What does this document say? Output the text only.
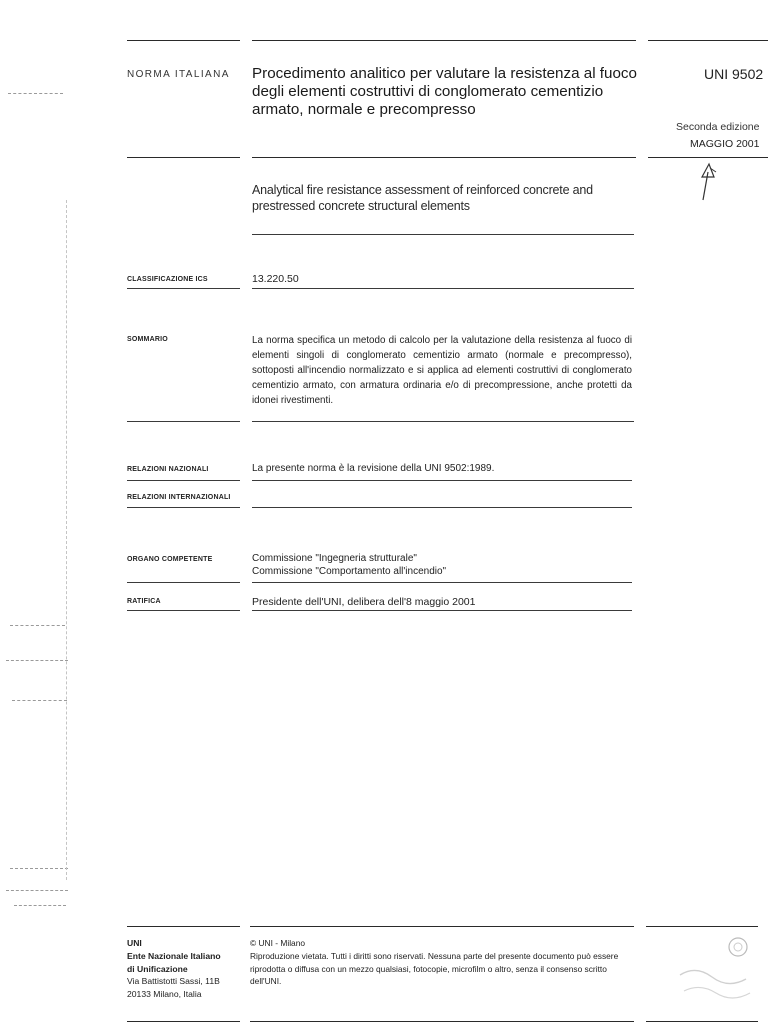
NORMA ITALIANA Procedimento analitico per valutare la resistenza al fuoco degli elementi costruttivi di conglomerato cementizio armato, normale e precompresso
UNI 9502
Seconda edizione
MAGGIO 2001
Analytical fire resistance assessment of reinforced concrete and prestressed concrete structural elements
CLASSIFICAZIONE ICS	13.220.50
SOMMARIO	La norma specifica un metodo di calcolo per la valutazione della resistenza al fuoco di elementi singoli di conglomerato cementizio armato (normale e precompresso), sottoposti all'incendio normalizzato e si applica ad elementi costruttivi di conglomerato cementizio armato, con armatura ordinaria e/o di precompressione, anche protetti da idonei rivestimenti.
RELAZIONI NAZIONALI	La presente norma è la revisione della UNI 9502:1989.
RELAZIONI INTERNAZIONALI
ORGANO COMPETENTE	Commissione "Ingegneria strutturale"
Commissione "Comportamento all'incendio"
RATIFICA	Presidente dell'UNI, delibera dell'8 maggio 2001
UNI
Ente Nazionale Italiano
di Unificazione
Via Battistotti Sassi, 11B
20133 Milano, Italia
© UNI - Milano
Riproduzione vietata. Tutti i diritti sono riservati. Nessuna parte del presente documento può essere riprodotta o diffusa con un mezzo qualsiasi, fotocopie, microfilm o altro, senza il consenso scritto dell'UNI.
